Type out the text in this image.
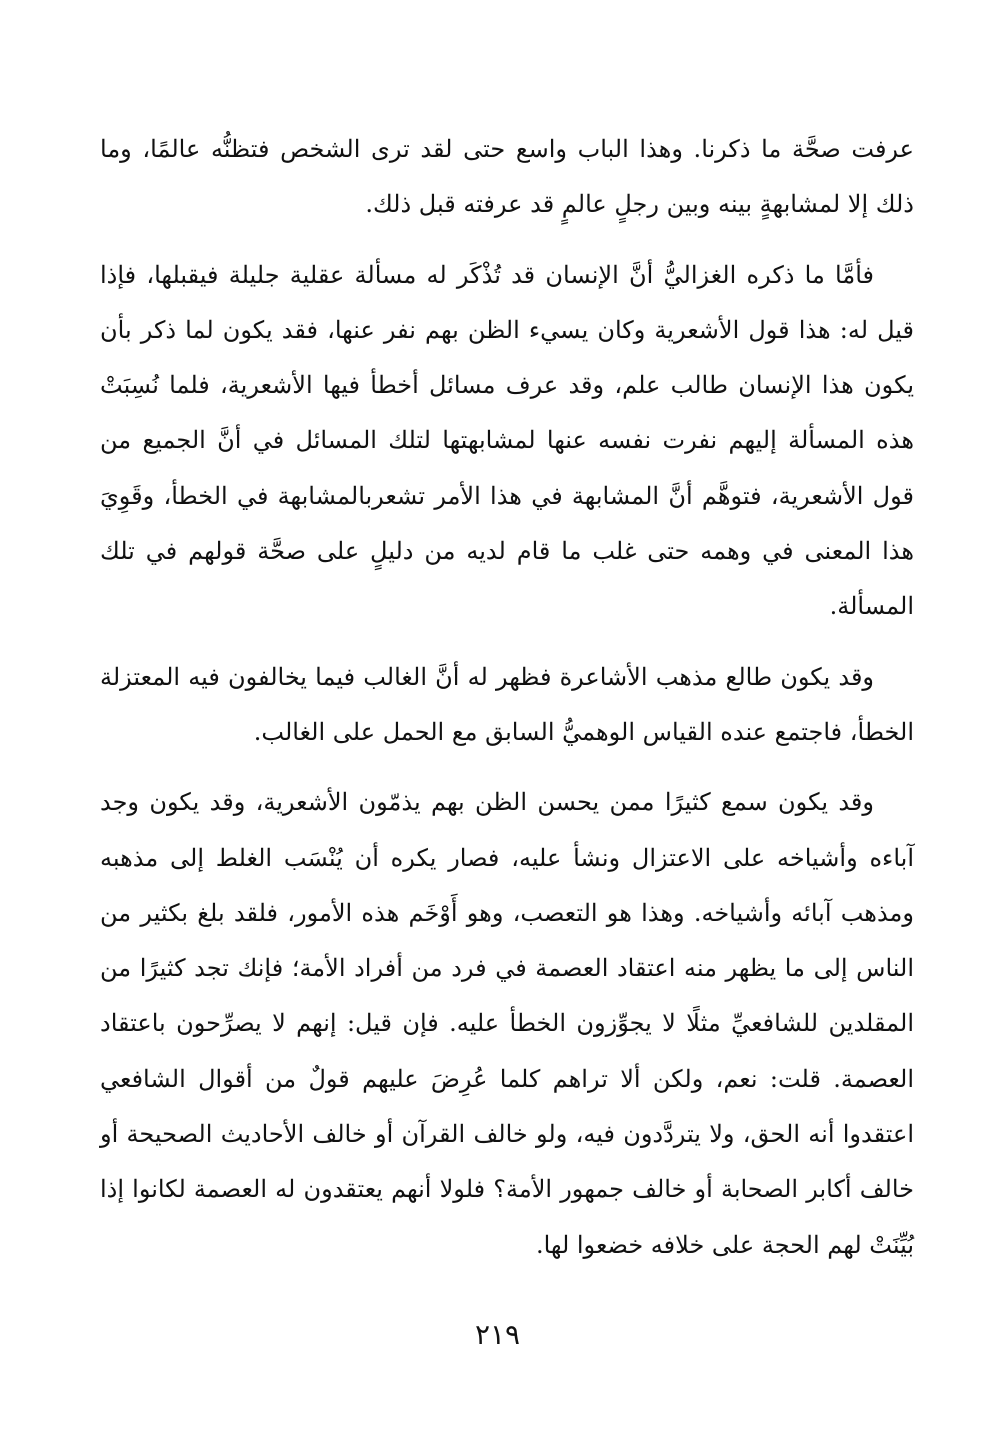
عرفت صحَّة ما ذكرنا. وهذا الباب واسع حتى لقد ترى الشخص فتظنُّه عالمًا، وما ذلك إلا لمشابهةٍ بينه وبين رجلٍ عالمٍ قد عرفته قبل ذلك.

فأمَّا ما ذكره الغزاليُّ أنَّ الإنسان قد تُذْكَر له مسألة عقلية جليلة فيقبلها، فإذا قيل له: هذا قول الأشعرية وكان يسيء الظن بهم نفر عنها، فقد يكون لما ذكر بأن يكون هذا الإنسان طالب علم، وقد عرف مسائل أخطأ فيها الأشعرية، فلما نُسِبَتْ هذه المسألة إليهم نفرت نفسه عنها لمشابهتها لتلك المسائل في أنَّ الجميع من قول الأشعرية، فتوهَّم أنَّ المشابهة في هذا الأمر تشعربالمشابهة في الخطأ، وقَوِيَ هذا المعنى في وهمه حتى غلب ما قام لديه من دليلٍ على صحَّة قولهم في تلك المسألة.

وقد يكون طالع مذهب الأشاعرة فظهر له أنَّ الغالب فيما يخالفون فيه المعتزلة الخطأ، فاجتمع عنده القياس الوهميُّ السابق مع الحمل على الغالب.

وقد يكون سمع كثيرًا ممن يحسن الظن بهم يذمّون الأشعرية، وقد يكون وجد آباءه وأشياخه على الاعتزال ونشأ عليه، فصار يكره أن يُنْسَب الغلط إلى مذهبه ومذهب آبائه وأشياخه. وهذا هو التعصب، وهو أَوْخَم هذه الأمور، فلقد بلغ بكثير من الناس إلى ما يظهر منه اعتقاد العصمة في فرد من أفراد الأمة؛ فإنك تجد كثيرًا من المقلدين للشافعيِّ مثلًا لا يجوِّزون الخطأ عليه. فإن قيل: إنهم لا يصرِّحون باعتقاد العصمة. قلت: نعم، ولكن ألا تراهم كلما عُرِضَ عليهم قولٌ من أقوال الشافعي اعتقدوا أنه الحق، ولا يتردَّدون فيه، ولو خالف القرآن أو خالف الأحاديث الصحيحة أو خالف أكابر الصحابة أو خالف جمهور الأمة؟ فلولا أنهم يعتقدون له العصمة لكانوا إذا بُيِّنَتْ لهم الحجة على خلافه خضعوا لها.

٢١٩
